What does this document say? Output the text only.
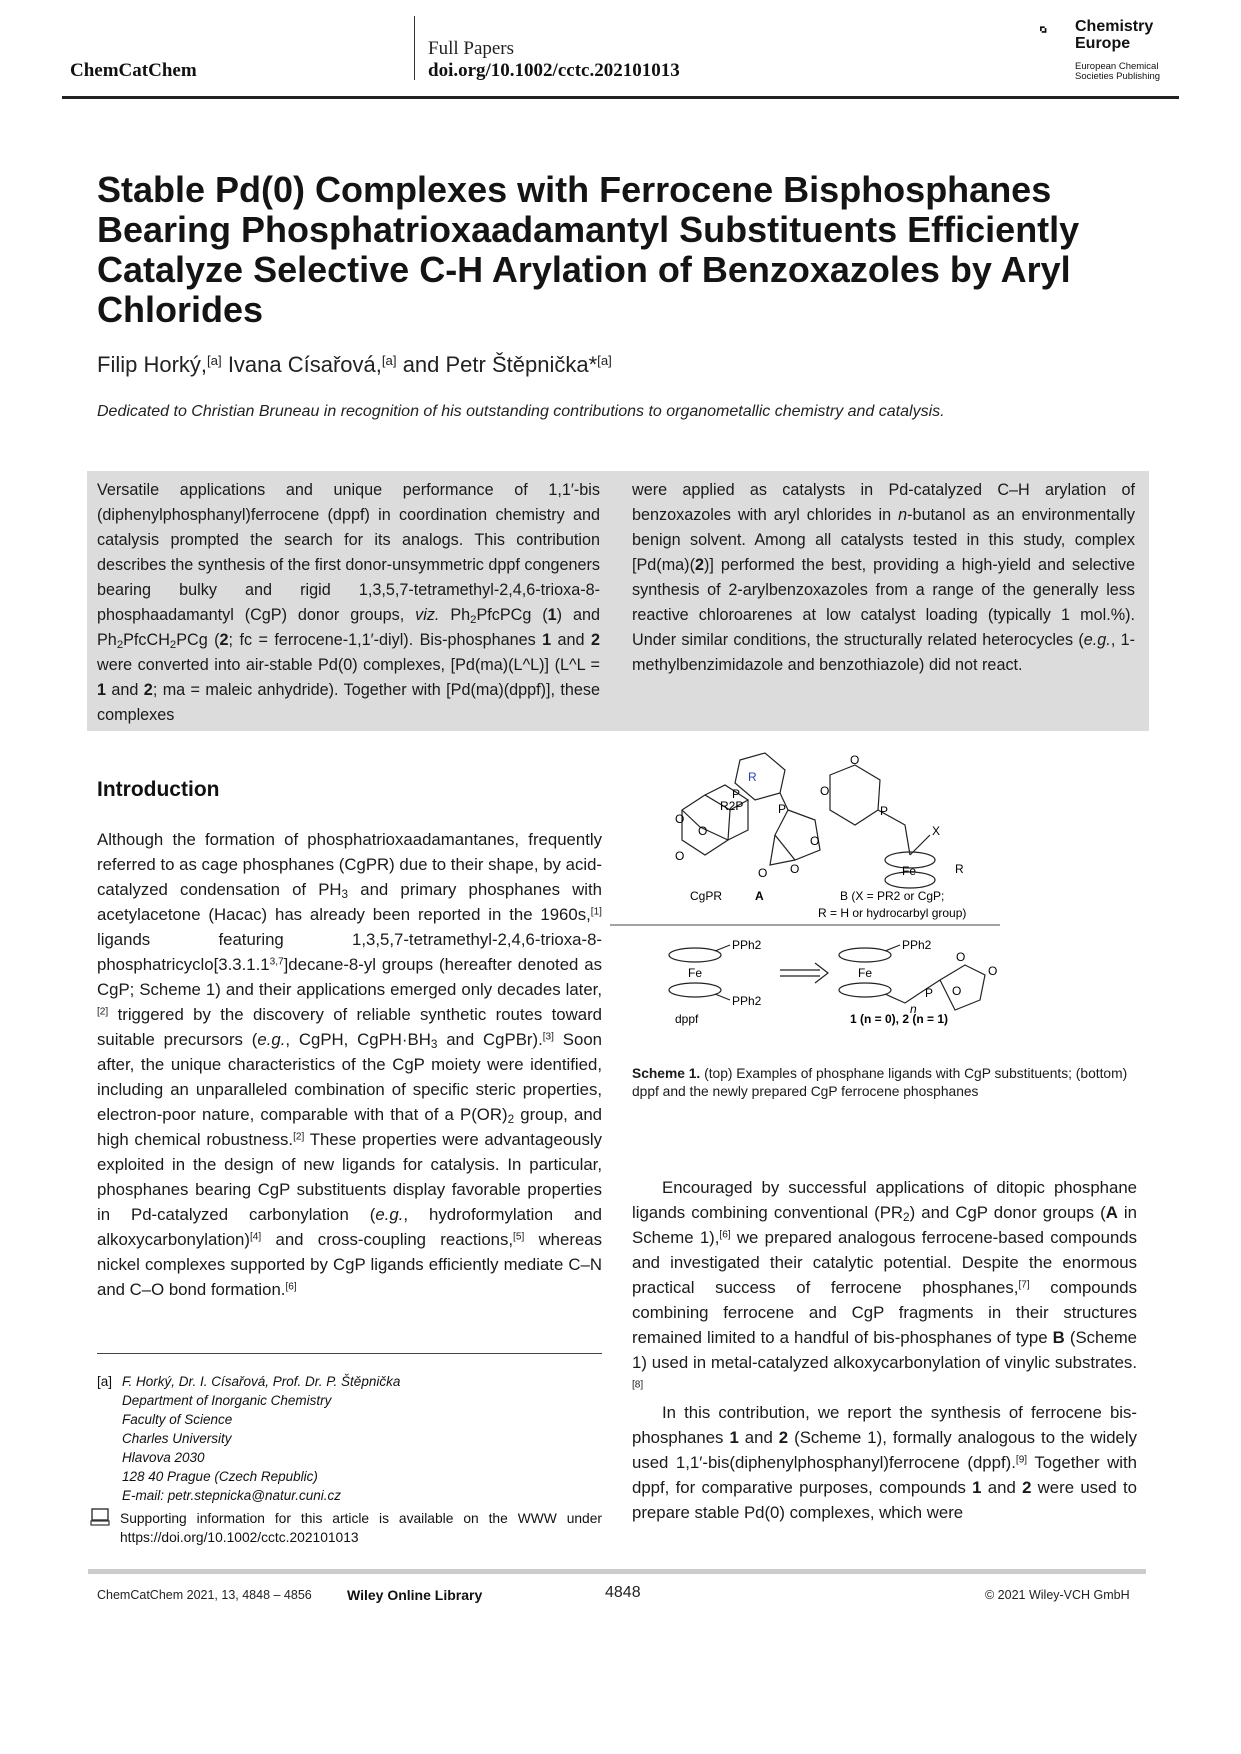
ChemCatChem
Full Papers
doi.org/10.1002/cctc.202101013
Chemistry
Europe
European Chemical
Societies Publishing
Stable Pd(0) Complexes with Ferrocene Bisphosphanes Bearing Phosphatrioxaadamantyl Substituents Efficiently Catalyze Selective C-H Arylation of Benzoxazoles by Aryl Chlorides
Filip Horký,[a] Ivana Císařová,[a] and Petr Štěpnička*[a]
Dedicated to Christian Bruneau in recognition of his outstanding contributions to organometallic chemistry and catalysis.
Versatile applications and unique performance of 1,1′-bis (diphenylphosphanyl)ferrocene (dppf) in coordination chemistry and catalysis prompted the search for its analogs. This contribution describes the synthesis of the first donor-unsymmetric dppf congeners bearing bulky and rigid 1,3,5,7-tetramethyl-2,4,6-trioxa-8-phosphaadamantyl (CgP) donor groups, viz. $Ph_2PfcPCg$ (1) and $Ph_2PfcCH_2PCg$ (2; fc = ferrocene-1,1′-diyl). Bis-phosphanes 1 and 2 were converted into air-stable Pd(0) complexes, [Pd(ma)(L^L)] (L^L = 1 and 2; ma = maleic anhydride). Together with [Pd(ma)(dppf)], these complexes
were applied as catalysts in Pd-catalyzed C–H arylation of benzoxazoles with aryl chlorides in n-butanol as an environmentally benign solvent. Among all catalysts tested in this study, complex [Pd(ma)(2)] performed the best, providing a high-yield and selective synthesis of 2-arylbenzoxazoles from a range of the generally less reactive chloroarenes at low catalyst loading (typically 1 mol.%). Under similar conditions, the structurally related heterocycles (e.g., 1-methylbenzimidazole and benzothiazole) did not react.
Introduction

Although the formation of phosphatrioxaadamantanes, frequently referred to as cage phosphanes (CgPR) due to their shape, by acid-catalyzed condensation of $PH_3$ and primary phosphanes with acetylacetone (Hacac) has already been reported in the 1960s,[1] ligands featuring 1,3,5,7-tetramethyl-2,4,6-trioxa-8-phosphatricyclo[3.3.1.1$^{3,7}$]decane-8-yl groups (hereafter denoted as CgP; Scheme 1) and their applications emerged only decades later,[2] triggered by the discovery of reliable synthetic routes toward suitable precursors (e.g., CgPH, $CgPH\cdot BH_3$ and CgPBr).[3] Soon after, the unique characteristics of the CgP moiety were identified, including an unparalleled combination of specific steric properties, electron-poor nature, comparable with that of a $P(OR)_2$ group, and high chemical robustness.[2] These properties were advantageously exploited in the design of new ligands for catalysis. In particular, phosphanes bearing CgP substituents display favorable properties in Pd-catalyzed carbonylation (e.g., hydroformylation and alkoxycarbonylation)[4] and cross-coupling reactions,[5] whereas nickel complexes supported by CgP ligands efficiently mediate C–N and C–O bond formation.[6]

O
O
O
P
R
CgPR
R2P	P
O O
O
A
O
O
P
X
Fe	R
B (X = PR2 or CgP;
R = H or hydrocarbyl group)
PPh2
Fe
PPh2
dppf
PPh2
Fe
n
P
O
O
O
1 (n = 0), 2 (n = 1)
Scheme 1. (top) Examples of phosphane ligands with CgP substituents; (bottom) dppf and the newly prepared CgP ferrocene phosphanes

Encouraged by successful applications of ditopic phosphane ligands combining conventional $(PR_2)$ and CgP donor groups (A in Scheme 1),[6] we prepared analogous ferrocene-based compounds and investigated their catalytic potential. Despite the enormous practical success of ferrocene phosphanes,[7] compounds combining ferrocene and CgP fragments in their structures remained limited to a handful of bis-phosphanes of type B (Scheme 1) used in metal-catalyzed alkoxycarbonylation of vinylic substrates.[8]

In this contribution, we report the synthesis of ferrocene bis-phosphanes 1 and 2 (Scheme 1), formally analogous to the widely used 1,1′-bis(diphenylphosphanyl)ferrocene (dppf).[9] Together with dppf, for comparative purposes, compounds 1 and 2 were used to prepare stable Pd(0) complexes, which were

[a] F. Horký, Dr. I. Císařová, Prof. Dr. P. Štěpnička
Department of Inorganic Chemistry
Faculty of Science
Charles University
Hlavova 2030
128 40 Prague (Czech Republic)
E-mail: petr.stepnicka@natur.cuni.cz
Supporting information for this article is available on the WWW under https://doi.org/10.1002/cctc.202101013
ChemCatChem 2021, 13, 4848 – 4856	Wiley Online Library	4848	© 2021 Wiley-VCH GmbH
